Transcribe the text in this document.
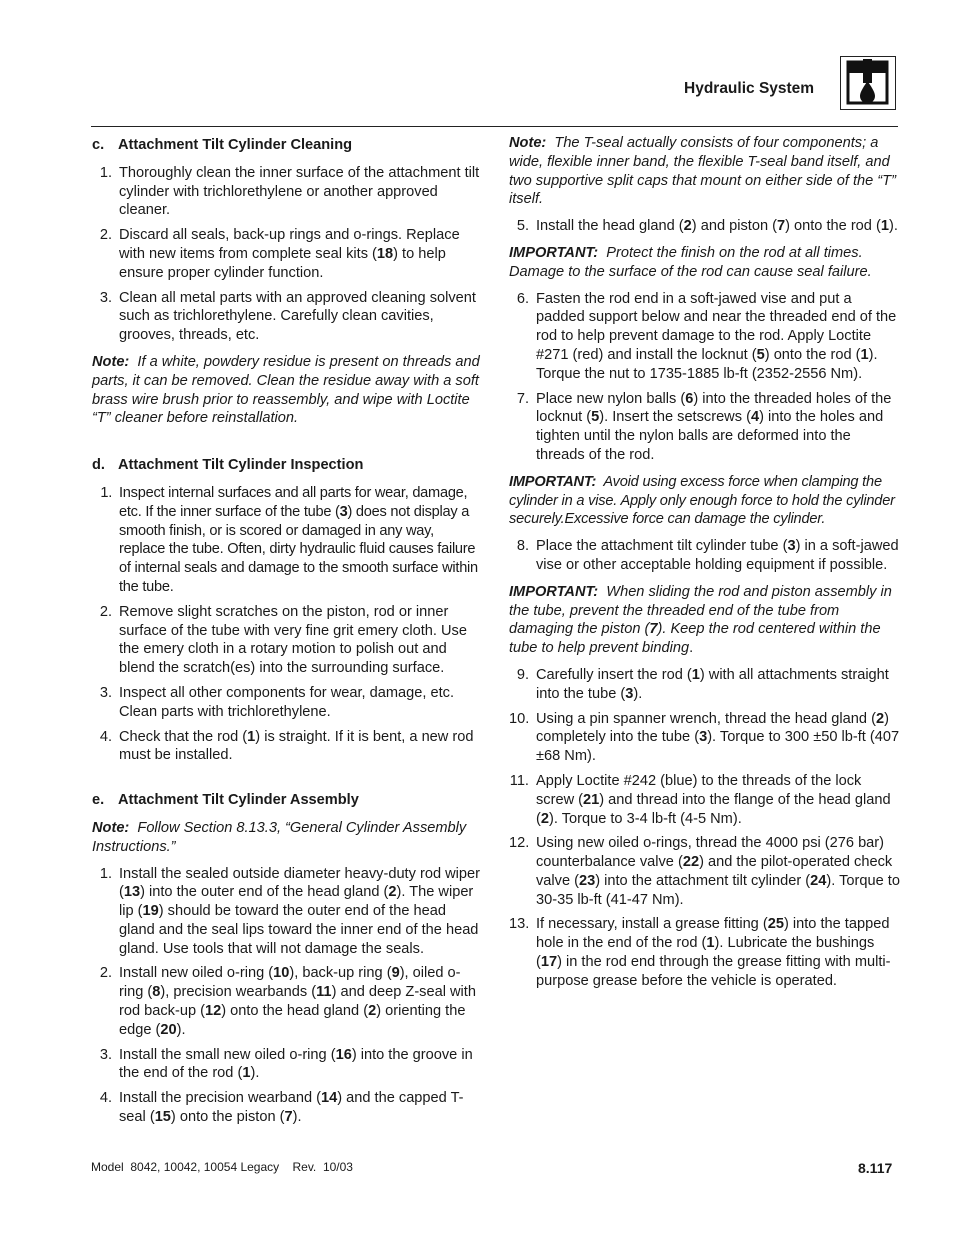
Hydraulic System
c. Attachment Tilt Cylinder Cleaning
1. Thoroughly clean the inner surface of the attachment tilt cylinder with trichlorethylene or another approved cleaner.
2. Discard all seals, back-up rings and o-rings. Replace with new items from complete seal kits (18) to help ensure proper cylinder function.
3. Clean all metal parts with an approved cleaning solvent such as trichlorethylene. Carefully clean cavities, grooves, threads, etc.
Note: If a white, powdery residue is present on threads and parts, it can be removed. Clean the residue away with a soft brass wire brush prior to reassembly, and wipe with Loctite “T” cleaner before reinstallation.
d. Attachment Tilt Cylinder Inspection
1. Inspect internal surfaces and all parts for wear, damage, etc. If the inner surface of the tube (3) does not display a smooth finish, or is scored or damaged in any way, replace the tube. Often, dirty hydraulic fluid causes failure of internal seals and damage to the smooth surface within the tube.
2. Remove slight scratches on the piston, rod or inner surface of the tube with very fine grit emery cloth. Use the emery cloth in a rotary motion to polish out and blend the scratch(es) into the surrounding surface.
3. Inspect all other components for wear, damage, etc. Clean parts with trichlorethylene.
4. Check that the rod (1) is straight. If it is bent, a new rod must be installed.
e. Attachment Tilt Cylinder Assembly
Note: Follow Section 8.13.3, “General Cylinder Assembly Instructions.”
1. Install the sealed outside diameter heavy-duty rod wiper (13) into the outer end of the head gland (2). The wiper lip (19) should be toward the outer end of the head gland and the seal lips toward the inner end of the head gland. Use tools that will not damage the seals.
2. Install new oiled o-ring (10), back-up ring (9), oiled o-ring (8), precision wearbands (11) and deep Z-seal with rod back-up (12) onto the head gland (2) orienting the edge (20).
3. Install the small new oiled o-ring (16) into the groove in the end of the rod (1).
4. Install the precision wearband (14) and the capped T-seal (15) onto the piston (7).
Note: The T-seal actually consists of four components; a wide, flexible inner band, the flexible T-seal band itself, and two supportive split caps that mount on either side of the “T” itself.
5. Install the head gland (2) and piston (7) onto the rod (1).
IMPORTANT: Protect the finish on the rod at all times. Damage to the surface of the rod can cause seal failure.
6. Fasten the rod end in a soft-jawed vise and put a padded support below and near the threaded end of the rod to help prevent damage to the rod. Apply Loctite #271 (red) and install the locknut (5) onto the rod (1). Torque the nut to 1735-1885 lb-ft (2352-2556 Nm).
7. Place new nylon balls (6) into the threaded holes of the locknut (5). Insert the setscrews (4) into the holes and tighten until the nylon balls are deformed into the threads of the rod.
IMPORTANT: Avoid using excess force when clamping the cylinder in a vise. Apply only enough force to hold the cylinder securely.Excessive force can damage the cylinder.
8. Place the attachment tilt cylinder tube (3) in a soft-jawed vise or other acceptable holding equipment if possible.
IMPORTANT: When sliding the rod and piston assembly in the tube, prevent the threaded end of the tube from damaging the piston (7). Keep the rod centered within the tube to help prevent binding.
9. Carefully insert the rod (1) with all attachments straight into the tube (3).
10. Using a pin spanner wrench, thread the head gland (2) completely into the tube (3). Torque to 300 ±50 lb-ft (407 ±68 Nm).
11. Apply Loctite #242 (blue) to the threads of the lock screw (21) and thread into the flange of the head gland (2). Torque to 3-4 lb-ft (4-5 Nm).
12. Using new oiled o-rings, thread the 4000 psi (276 bar) counterbalance valve (22) and the pilot-operated check valve (23) into the attachment tilt cylinder (24). Torque to 30-35 lb-ft (41-47 Nm).
13. If necessary, install a grease fitting (25) into the tapped hole in the end of the rod (1). Lubricate the bushings (17) in the rod end through the grease fitting with multi-purpose grease before the vehicle is operated.
Model  8042, 10042, 10054 Legacy    Rev.  10/03	8.117
